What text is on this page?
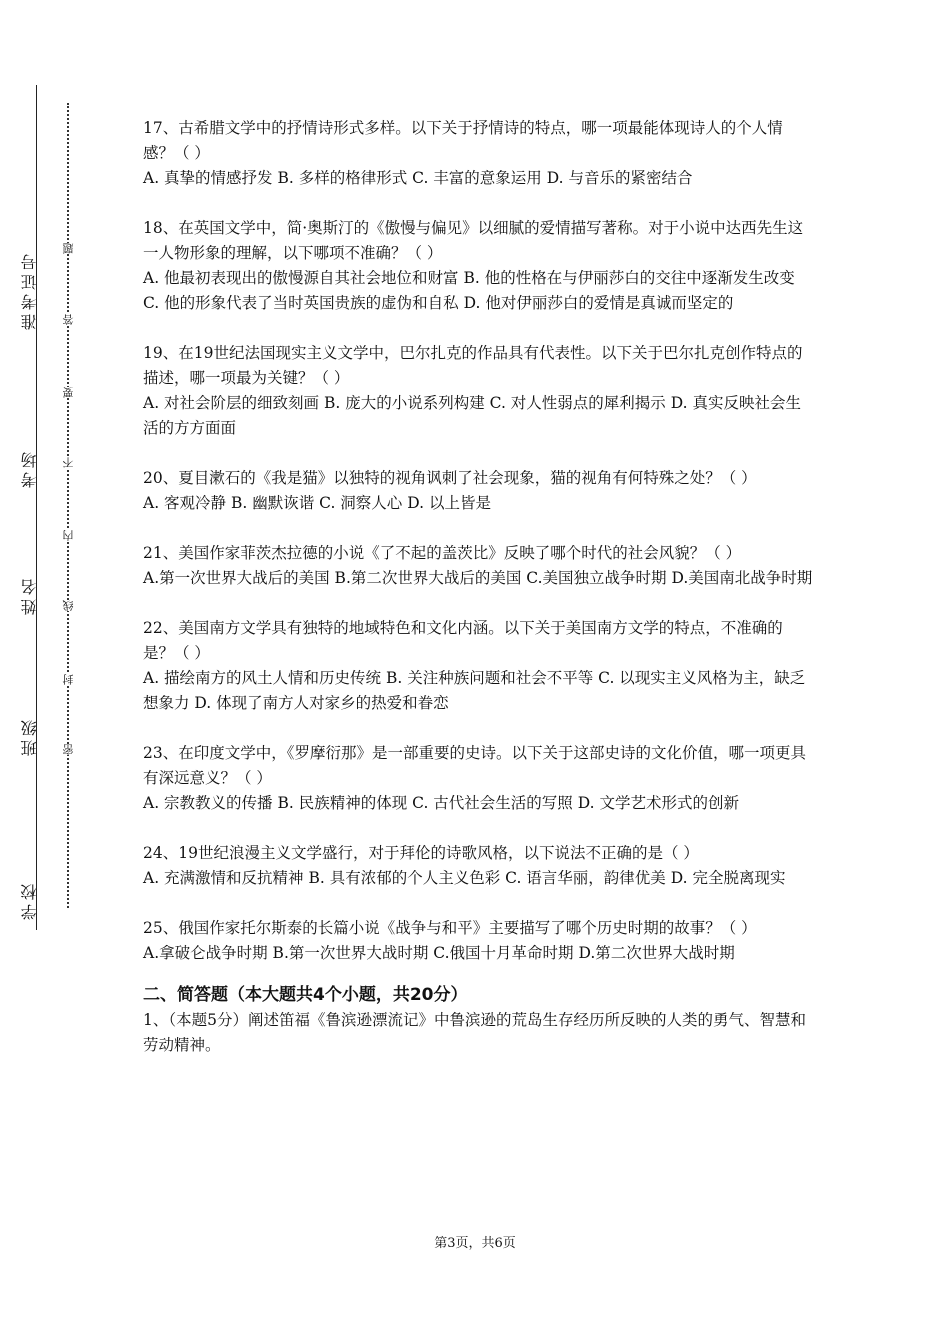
准考证号
考场
姓名
班级
学校
题
答
要
不
内
线
封
密

17、古希腊文学中的抒情诗形式多样。以下关于抒情诗的特点，哪一项最能体现诗人的个人情感？（ ）

A. 真挚的情感抒发 B. 多样的格律形式 C. 丰富的意象运用 D. 与音乐的紧密结合

18、在英国文学中，简·奥斯汀的《傲慢与偏见》以细腻的爱情描写著称。对于小说中达西先生这一人物形象的理解，以下哪项不准确？（ ）

A. 他最初表现出的傲慢源自其社会地位和财富 B. 他的性格在与伊丽莎白的交往中逐渐发生改变 C. 他的形象代表了当时英国贵族的虚伪和自私 D. 他对伊丽莎白的爱情是真诚而坚定的

19、在19世纪法国现实主义文学中，巴尔扎克的作品具有代表性。以下关于巴尔扎克创作特点的描述，哪一项最为关键？（ ）

A. 对社会阶层的细致刻画 B. 庞大的小说系列构建 C. 对人性弱点的犀利揭示 D. 真实反映社会生活的方方面面

20、夏目漱石的《我是猫》以独特的视角讽刺了社会现象，猫的视角有何特殊之处？（ ）

A. 客观冷静 B. 幽默诙谐 C. 洞察人心 D. 以上皆是

21、美国作家菲茨杰拉德的小说《了不起的盖茨比》反映了哪个时代的社会风貌？（ ）

A.第一次世界大战后的美国 B.第二次世界大战后的美国 C.美国独立战争时期 D.美国南北战争时期

22、美国南方文学具有独特的地域特色和文化内涵。以下关于美国南方文学的特点，不准确的是？（ ）

A. 描绘南方的风土人情和历史传统 B. 关注种族问题和社会不平等 C. 以现实主义风格为主，缺乏想象力 D. 体现了南方人对家乡的热爱和眷恋

23、在印度文学中，《罗摩衍那》是一部重要的史诗。以下关于这部史诗的文化价值，哪一项更具有深远意义？（ ）

A. 宗教教义的传播 B. 民族精神的体现 C. 古代社会生活的写照 D. 文学艺术形式的创新

24、19世纪浪漫主义文学盛行，对于拜伦的诗歌风格，以下说法不正确的是（ ）

A. 充满激情和反抗精神 B. 具有浓郁的个人主义色彩 C. 语言华丽，韵律优美 D. 完全脱离现实

25、俄国作家托尔斯泰的长篇小说《战争与和平》主要描写了哪个历史时期的故事？（ ）

A.拿破仑战争时期 B.第一次世界大战时期 C.俄国十月革命时期 D.第二次世界大战时期

二、简答题（本大题共4个小题，共20分）

1、（本题5分）阐述笛福《鲁滨逊漂流记》中鲁滨逊的荒岛生存经历所反映的人类的勇气、智慧和劳动精神。

第3页，共6页
